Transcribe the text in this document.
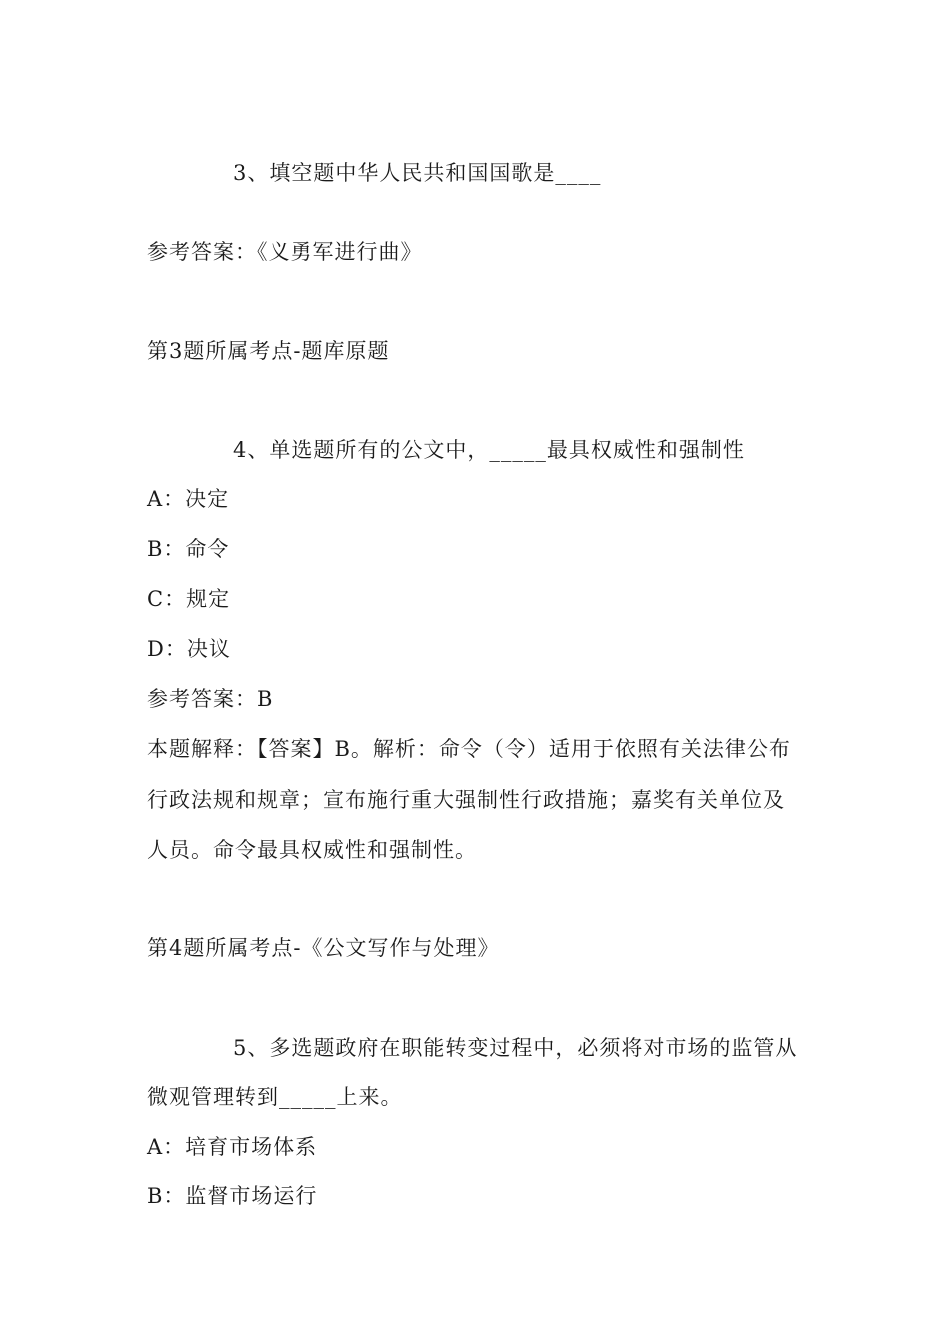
3、填空题中华人民共和国国歌是____
参考答案：《义勇军进行曲》
第3题所属考点-题库原题
4、单选题所有的公文中，_____最具权威性和强制性
A：决定
B：命令
C：规定
D：决议
参考答案：B
本题解释：【答案】B。解析：命令（令）适用于依照有关法律公布
行政法规和规章；宣布施行重大强制性行政措施；嘉奖有关单位及
人员。命令最具权威性和强制性。
第4题所属考点-《公文写作与处理》
5、多选题政府在职能转变过程中，必须将对市场的监管从
微观管理转到_____上来。
A：培育市场体系
B：监督市场运行
